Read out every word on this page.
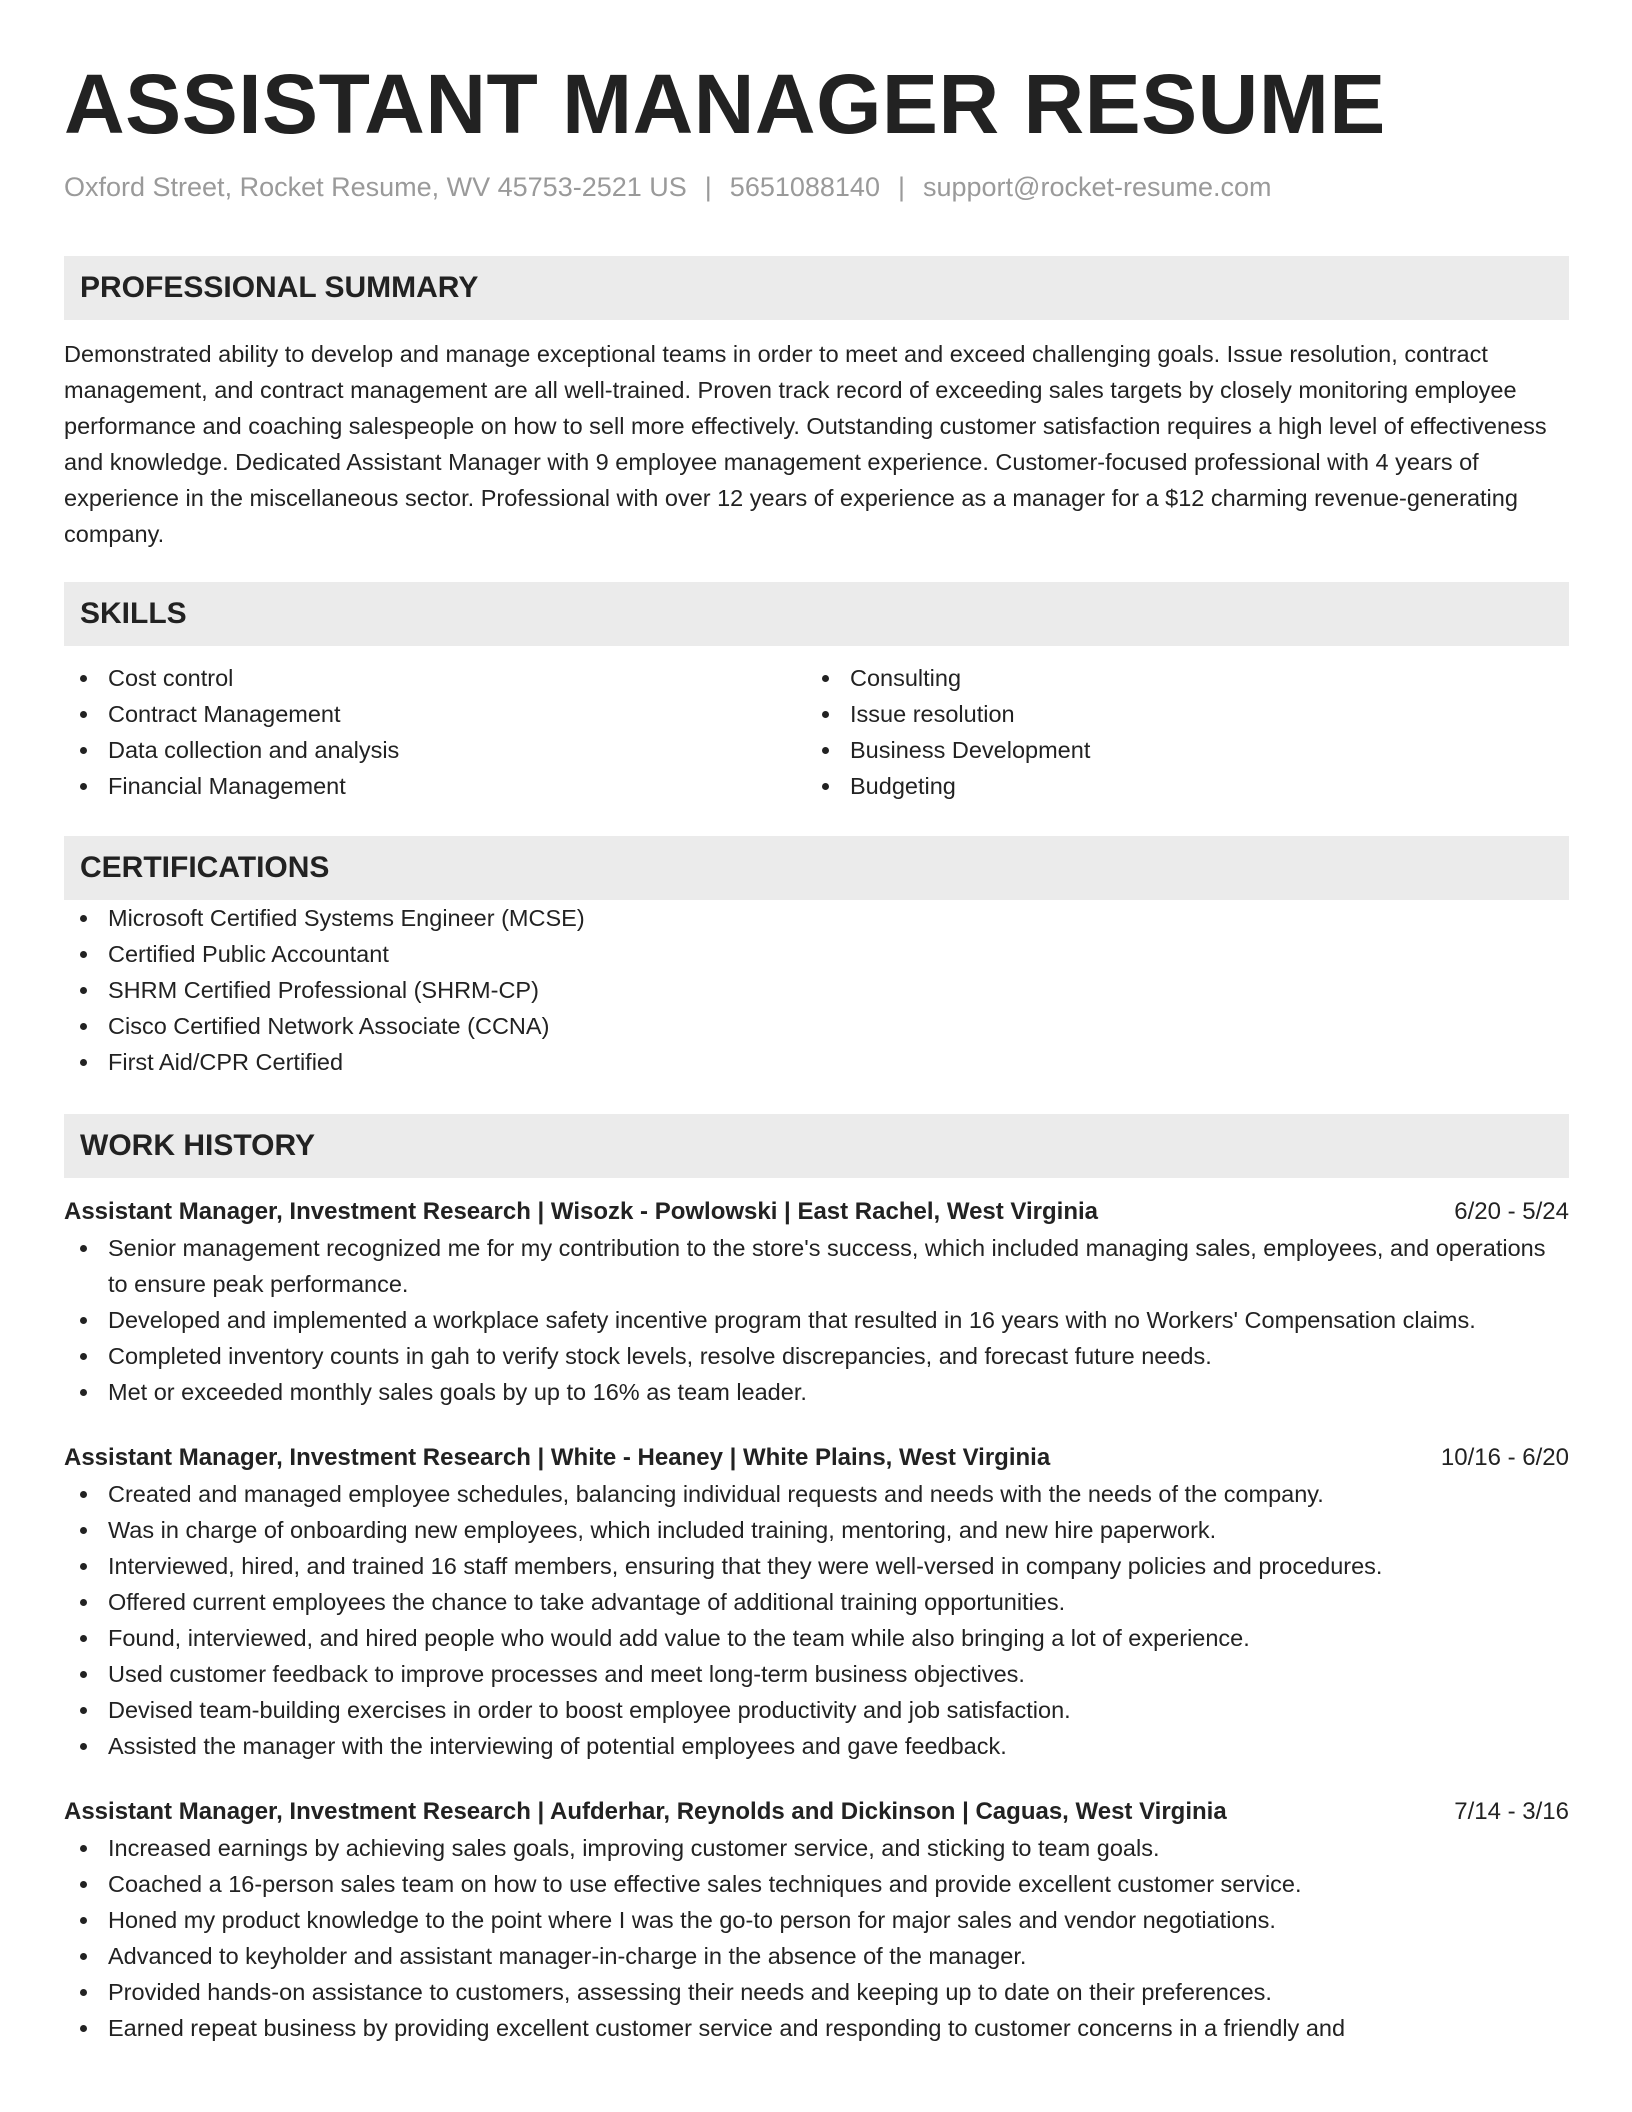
ASSISTANT MANAGER RESUME
Oxford Street, Rocket Resume, WV 45753-2521 US | 5651088140 | support@rocket-resume.com
PROFESSIONAL SUMMARY

Demonstrated ability to develop and manage exceptional teams in order to meet and exceed challenging goals. Issue resolution, contract management, and contract management are all well-trained. Proven track record of exceeding sales targets by closely monitoring employee performance and coaching salespeople on how to sell more effectively. Outstanding customer satisfaction requires a high level of effectiveness and knowledge. Dedicated Assistant Manager with 9 employee management experience. Customer-focused professional with 4 years of experience in the miscellaneous sector. Professional with over 12 years of experience as a manager for a $12 charming revenue-generating company.

SKILLS
Cost control
Contract Management
Data collection and analysis
Financial Management
Consulting
Issue resolution
Business Development
Budgeting
CERTIFICATIONS
Microsoft Certified Systems Engineer (MCSE)
Certified Public Accountant
SHRM Certified Professional (SHRM-CP)
Cisco Certified Network Associate (CCNA)
First Aid/CPR Certified
WORK HISTORY
Assistant Manager, Investment Research | Wisozk - Powlowski | East Rachel, West Virginia	6/20 - 5/24
Senior management recognized me for my contribution to the store's success, which included managing sales, employees, and operations to ensure peak performance.
Developed and implemented a workplace safety incentive program that resulted in 16 years with no Workers' Compensation claims.
Completed inventory counts in gah to verify stock levels, resolve discrepancies, and forecast future needs.
Met or exceeded monthly sales goals by up to 16% as team leader.
Assistant Manager, Investment Research | White - Heaney | White Plains, West Virginia	10/16 - 6/20
Created and managed employee schedules, balancing individual requests and needs with the needs of the company.
Was in charge of onboarding new employees, which included training, mentoring, and new hire paperwork.
Interviewed, hired, and trained 16 staff members, ensuring that they were well-versed in company policies and procedures.
Offered current employees the chance to take advantage of additional training opportunities.
Found, interviewed, and hired people who would add value to the team while also bringing a lot of experience.
Used customer feedback to improve processes and meet long-term business objectives.
Devised team-building exercises in order to boost employee productivity and job satisfaction.
Assisted the manager with the interviewing of potential employees and gave feedback.
Assistant Manager, Investment Research | Aufderhar, Reynolds and Dickinson | Caguas, West Virginia	7/14 - 3/16
Increased earnings by achieving sales goals, improving customer service, and sticking to team goals.
Coached a 16-person sales team on how to use effective sales techniques and provide excellent customer service.
Honed my product knowledge to the point where I was the go-to person for major sales and vendor negotiations.
Advanced to keyholder and assistant manager-in-charge in the absence of the manager.
Provided hands-on assistance to customers, assessing their needs and keeping up to date on their preferences.
Earned repeat business by providing excellent customer service and responding to customer concerns in a friendly and
